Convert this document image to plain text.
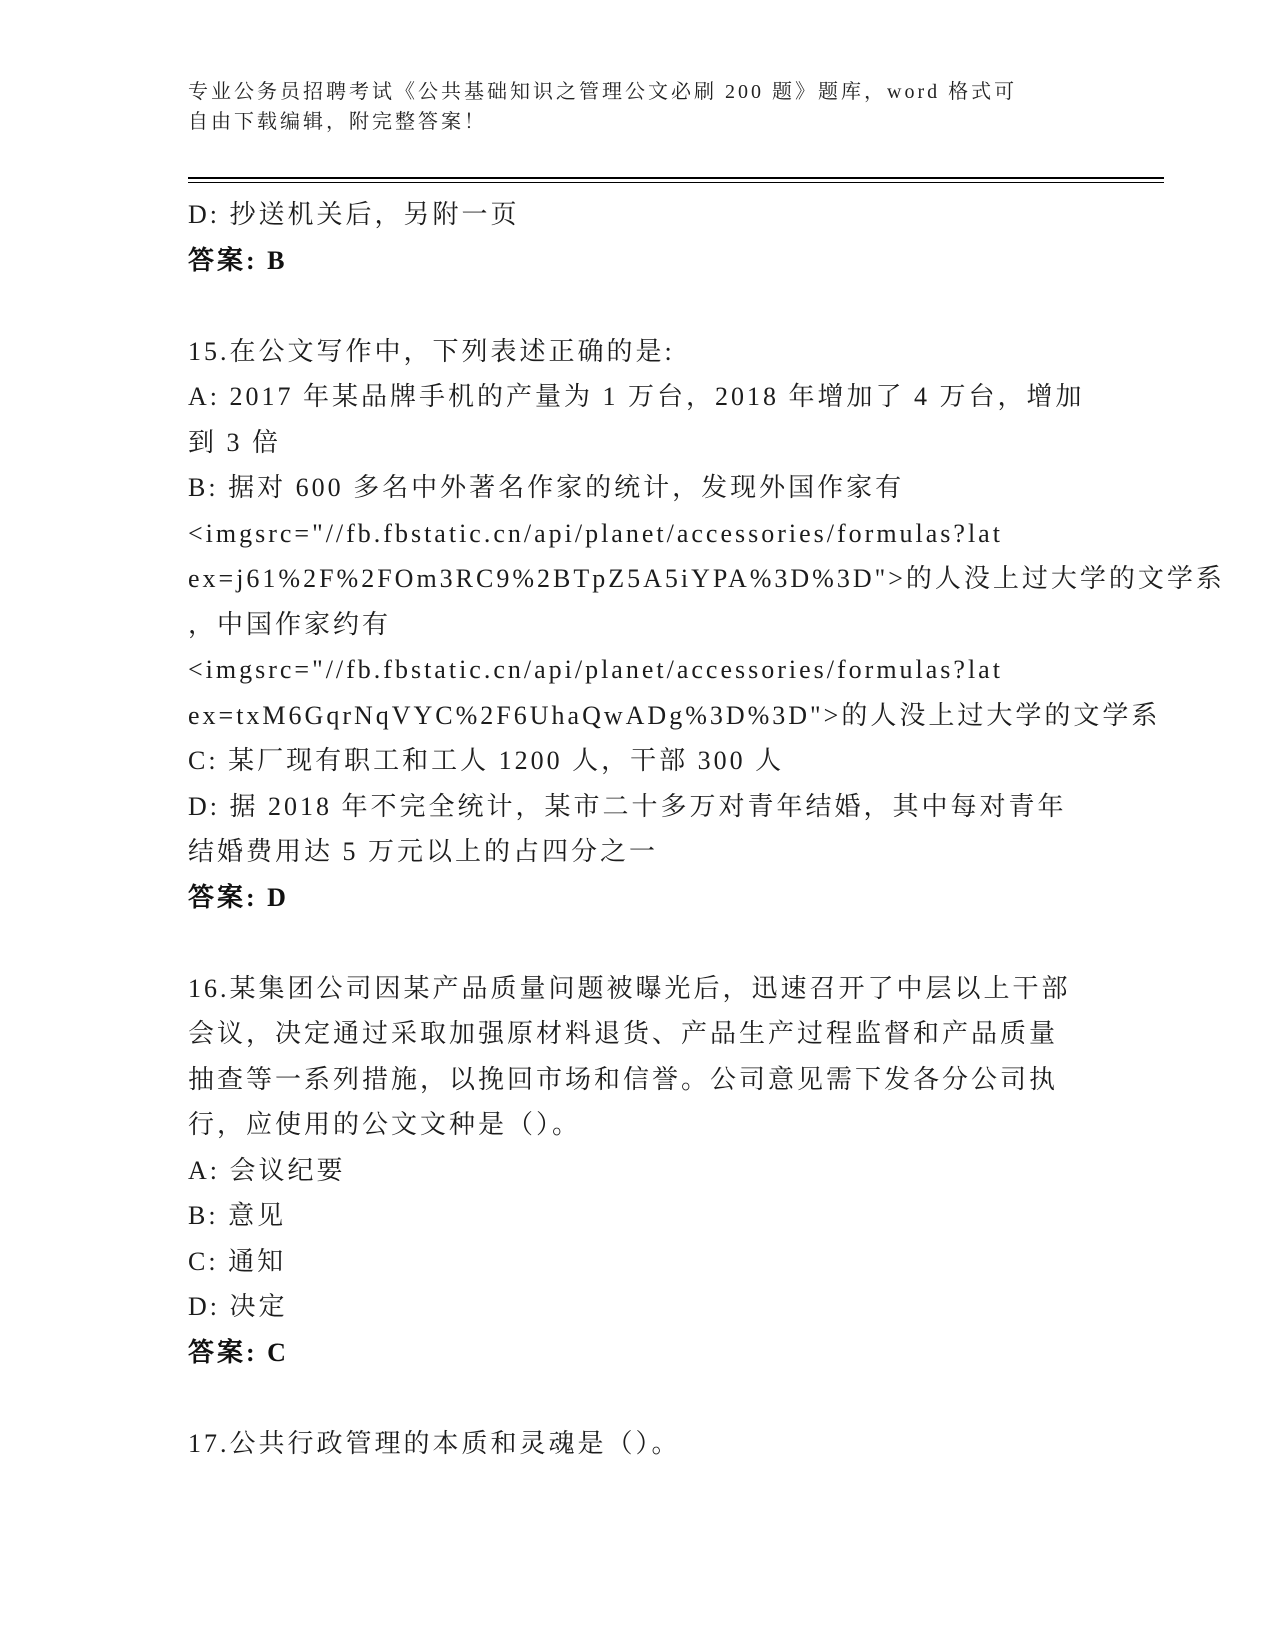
专业公务员招聘考试《公共基础知识之管理公文必刷 200 题》题库，word 格式可
自由下载编辑，附完整答案！
D: 抄送机关后，另附一页
答案: B
15.在公文写作中，下列表述正确的是:
A: 2017 年某品牌手机的产量为 1 万台，2018 年增加了 4 万台，增加
到 3 倍
B: 据对 600 多名中外著名作家的统计，发现外国作家有
<imgsrc="//fb.fbstatic.cn/api/planet/accessories/formulas?lat
ex=j61%2F%2FOm3RC9%2BTpZ5A5iYPA%3D%3D">的人没上过大学的文学系
，中国作家约有
<imgsrc="//fb.fbstatic.cn/api/planet/accessories/formulas?lat
ex=txM6GqrNqVYC%2F6UhaQwADg%3D%3D">的人没上过大学的文学系
C: 某厂现有职工和工人 1200 人，干部 300 人
D: 据 2018 年不完全统计，某市二十多万对青年结婚，其中每对青年
结婚费用达 5 万元以上的占四分之一
答案: D
16.某集团公司因某产品质量问题被曝光后，迅速召开了中层以上干部
会议，决定通过采取加强原材料退货、产品生产过程监督和产品质量
抽查等一系列措施，以挽回市场和信誉。公司意见需下发各分公司执
行，应使用的公文文种是（）。
A: 会议纪要
B: 意见
C: 通知
D: 决定
答案: C
17.公共行政管理的本质和灵魂是（）。
